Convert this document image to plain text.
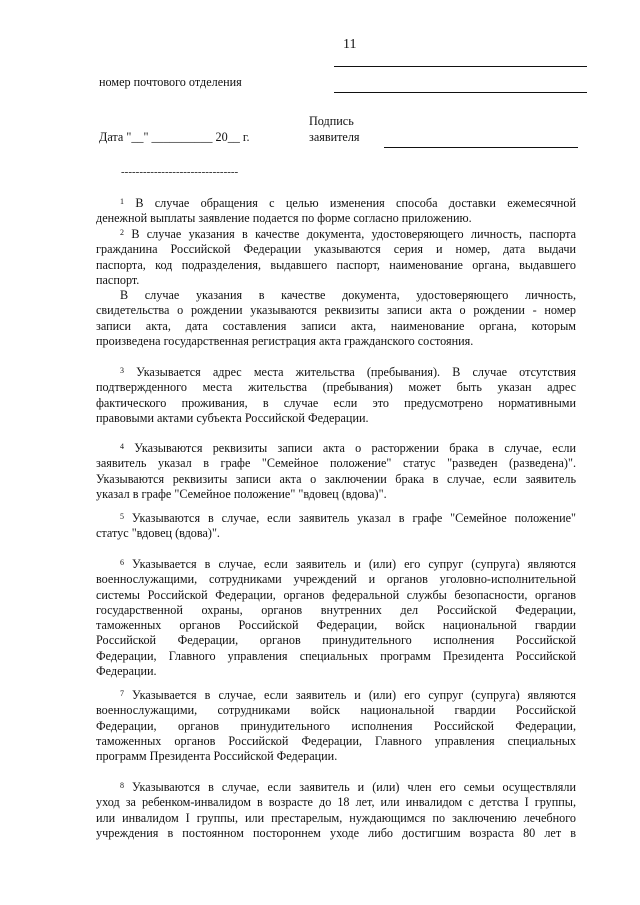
11
номер почтового отделения
Подпись
заявителя
Дата "__" __________ 20__ г.
--------------------------------
$^1$ В случае обращения с целью изменения способа доставки ежемесячной
денежной выплаты заявление подается по форме согласно приложению.
$^2$ В случае указания в качестве документа, удостоверяющего личность, паспорта
гражданина Российской Федерации указываются серия и номер, дата выдачи
паспорта, код подразделения, выдавшего паспорт, наименование органа, выдавшего
паспорт.
В случае указания в качестве документа, удостоверяющего личность,
свидетельства о рождении указываются реквизиты записи акта о рождении - номер
записи акта, дата составления записи акта, наименование органа, которым
произведена государственная регистрация акта гражданского состояния.
$^3$ Указывается адрес места жительства (пребывания). В случае отсутствия
подтвержденного места жительства (пребывания) может быть указан адрес
фактического проживания, в случае если это предусмотрено нормативными
правовыми актами субъекта Российской Федерации.
$^4$ Указываются реквизиты записи акта о расторжении брака в случае, если
заявитель указал в графе "Семейное положение" статус "разведен (разведена)".
Указываются реквизиты записи акта о заключении брака в случае, если заявитель
указал в графе "Семейное положение" "вдовец (вдова)".
$^5$ Указываются в случае, если заявитель указал в графе "Семейное положение"
статус "вдовец (вдова)".
$^6$ Указывается в случае, если заявитель и (или) его супруг (супруга) являются
военнослужащими, сотрудниками учреждений и органов уголовно-исполнительной
системы Российской Федерации, органов федеральной службы безопасности, органов
государственной охраны, органов внутренних дел Российской Федерации,
таможенных органов Российской Федерации, войск национальной гвардии
Российской Федерации, органов принудительного исполнения Российской
Федерации, Главного управления специальных программ Президента Российской
Федерации.
$^7$ Указывается в случае, если заявитель и (или) его супруг (супруга) являются
военнослужащими, сотрудниками войск национальной гвардии Российской
Федерации, органов принудительного исполнения Российской Федерации,
таможенных органов Российской Федерации, Главного управления специальных
программ Президента Российской Федерации.
$^8$ Указываются в случае, если заявитель и (или) член его семьи осуществляли
уход за ребенком-инвалидом в возрасте до 18 лет, или инвалидом с детства I группы,
или инвалидом I группы, или престарелым, нуждающимся по заключению лечебного
учреждения в постоянном постороннем уходе либо достигшим возраста 80 лет в
